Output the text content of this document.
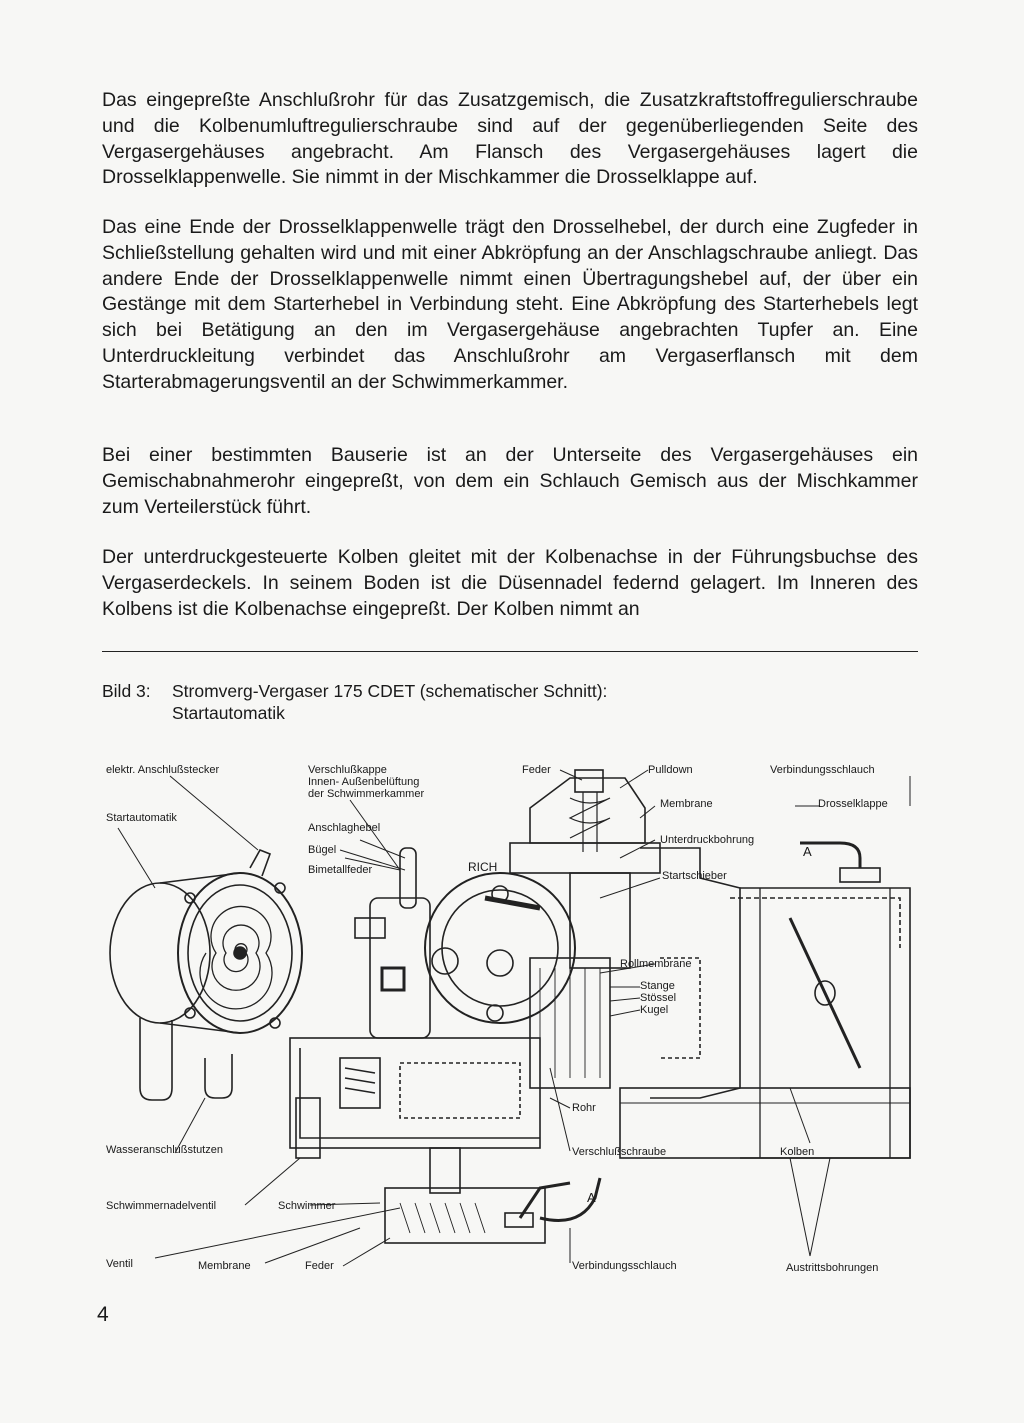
Das eingepreßte Anschlußrohr für das Zusatzgemisch, die Zusatzkraftstoffregulierschraube und die Kolbenumluftregulierschraube sind auf der gegenüberliegenden Seite des Vergasergehäuses angebracht. Am Flansch des Vergasergehäuses lagert die Drosselklappenwelle. Sie nimmt in der Mischkammer die Drosselklappe auf.

Das eine Ende der Drosselklappenwelle trägt den Drosselhebel, der durch eine Zugfeder in Schließstellung gehalten wird und mit einer Abkröpfung an der Anschlagschraube anliegt. Das andere Ende der Drosselklappenwelle nimmt einen Übertragungshebel auf, der über ein Gestänge mit dem Starterhebel in Verbindung steht. Eine Abkröpfung des Starterhebels legt sich bei Betätigung an den im Vergasergehäuse angebrachten Tupfer an. Eine Unterdruckleitung verbindet das Anschlußrohr am Vergaserflansch mit dem Starterabmagerungsventil an der Schwimmerkammer.

Bei einer bestimmten Bauserie ist an der Unterseite des Vergasergehäuses ein Gemischabnahmerohr eingepreßt, von dem ein Schlauch Gemisch aus der Mischkammer zum Verteilerstück führt.

Der unterdruckgesteuerte Kolben gleitet mit der Kolbenachse in der Führungsbuchse des Vergaserdeckels. In seinem Boden ist die Düsennadel federnd gelagert. Im Inneren des Kolbens ist die Kolbenachse eingepreßt. Der Kolben nimmt an

Bild 3: Stromverg-Vergaser 175 CDET (schematischer Schnitt):
Startautomatik
elektr. Anschlußstecker
Startautomatik
Verschlußkappe
Innen- Außenbelüftung
der Schwimmerkammer
Anschlaghebel
Bügel
Bimetallfeder
Feder	Pulldown	Verbindungsschlauch
Membrane	Drosselklappe
Unterdruckbohrung
A
Startschieber
RICH
Rollmembrane
Stange
Stössel
Kugel
Rohr
Wasseranschlußstutzen	Verschlußschraube	Kolben
Schwimmernadelventil	Schwimmer
A
Ventil	Membrane	Feder	Verbindungsschlauch	Austrittsbohrungen
4
